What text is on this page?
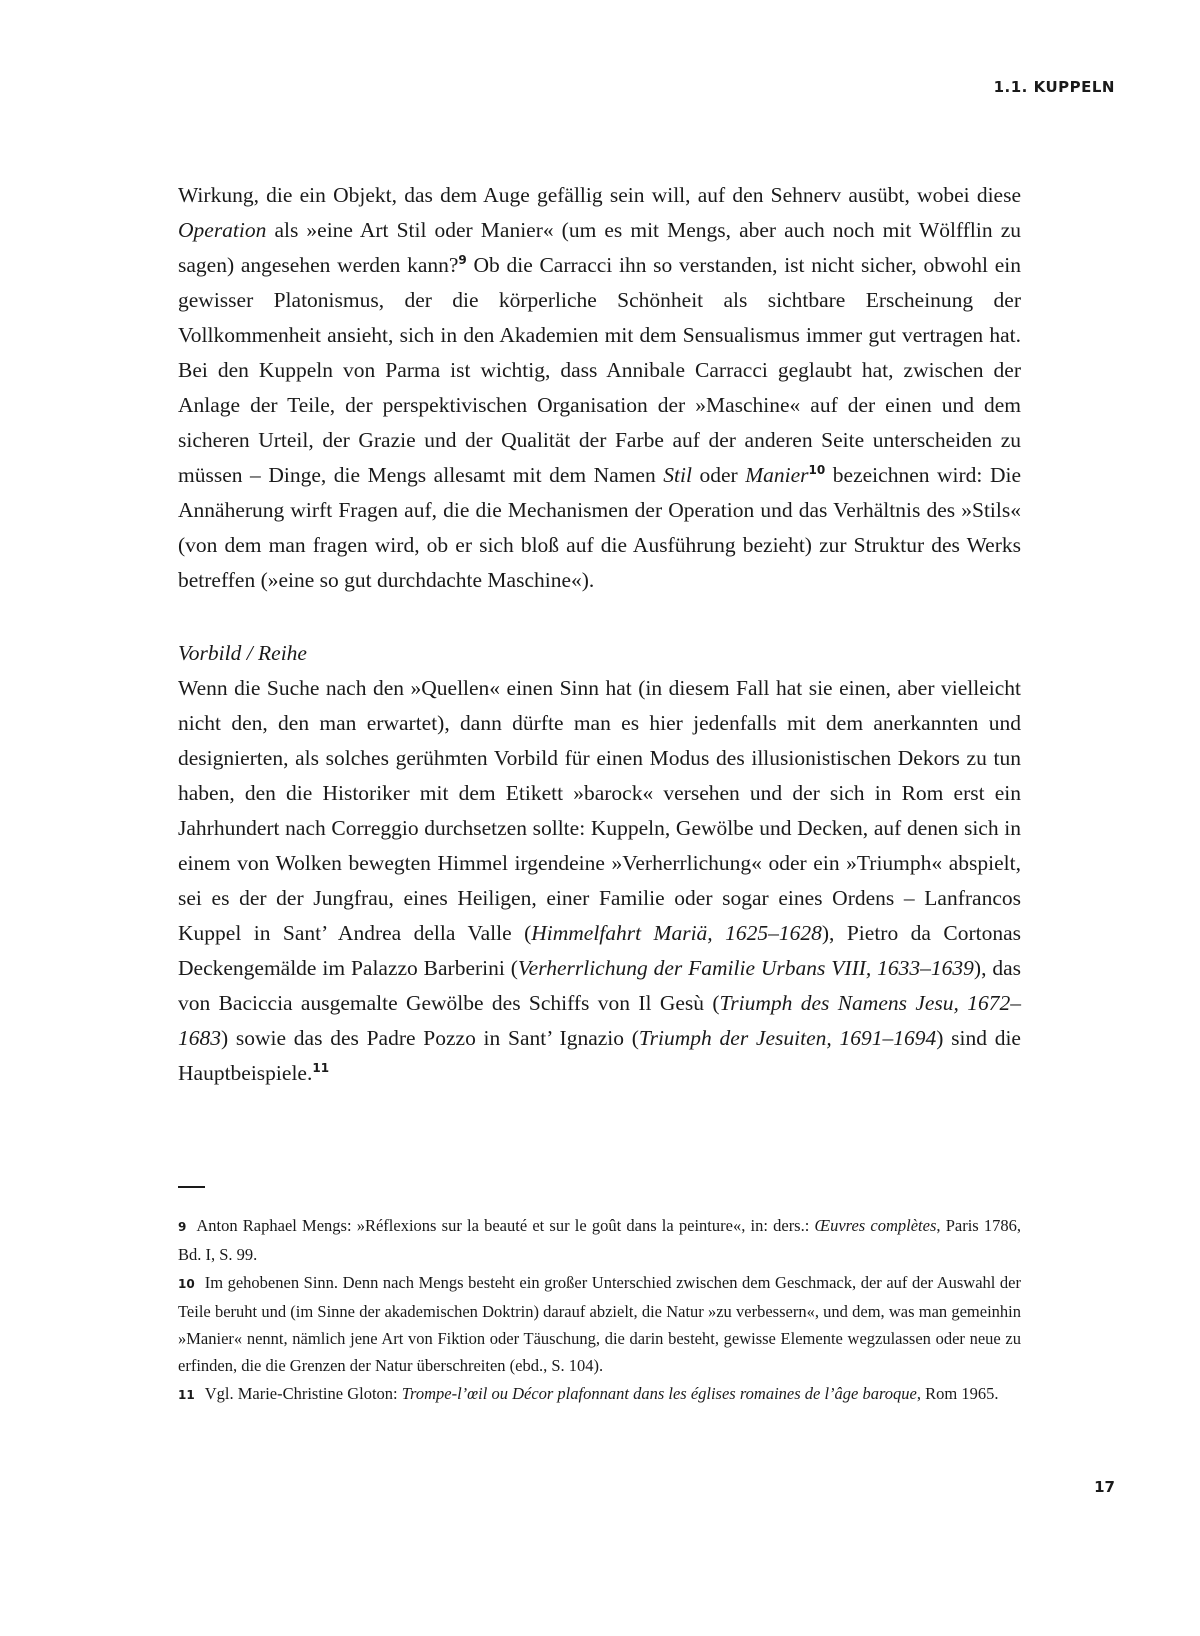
1.1. KUPPELN

Wirkung, die ein Objekt, das dem Auge gefällig sein will, auf den Sehnerv ausübt, wobei diese Operation als »eine Art Stil oder Manier« (um es mit Mengs, aber auch noch mit Wölfflin zu sagen) angesehen werden kann?$^9$ Ob die Carracci ihn so verstanden, ist nicht sicher, obwohl ein gewisser Platonismus, der die körperliche Schönheit als sichtbare Erscheinung der Vollkommenheit ansieht, sich in den Akademien mit dem Sensualismus immer gut vertragen hat. Bei den Kuppeln von Parma ist wichtig, dass Annibale Carracci geglaubt hat, zwischen der Anlage der Teile, der perspektivischen Organisation der »Maschine« auf der einen und dem sicheren Urteil, der Grazie und der Qualität der Farbe auf der anderen Seite unterscheiden zu müssen – Dinge, die Mengs allesamt mit dem Namen Stil oder Manier$^{10}$ bezeichnen wird: Die Annäherung wirft Fragen auf, die die Mechanismen der Operation und das Verhältnis des »Stils« (von dem man fragen wird, ob er sich bloß auf die Ausführung bezieht) zur Struktur des Werks betreffen (»eine so gut durchdachte Maschine«).

Vorbild / Reihe

Wenn die Suche nach den »Quellen« einen Sinn hat (in diesem Fall hat sie einen, aber vielleicht nicht den, den man erwartet), dann dürfte man es hier jedenfalls mit dem anerkannten und designierten, als solches gerühmten Vorbild für einen Modus des illusionistischen Dekors zu tun haben, den die Historiker mit dem Etikett »barock« versehen und der sich in Rom erst ein Jahrhundert nach Correggio durchsetzen sollte: Kuppeln, Gewölbe und Decken, auf denen sich in einem von Wolken bewegten Himmel irgendeine »Verherrlichung« oder ein »Triumph« abspielt, sei es der der Jungfrau, eines Heiligen, einer Familie oder sogar eines Ordens – Lanfrancos Kuppel in Sant’ Andrea della Valle (Himmelfahrt Mariä, 1625–1628), Pietro da Cortonas Deckengemälde im Palazzo Barberini (Verherrlichung der Familie Urbans VIII, 1633–1639), das von Baciccia ausgemalte Gewölbe des Schiffs von Il Gesù (Triumph des Namens Jesu, 1672–1683) sowie das des Padre Pozzo in Sant’ Ignazio (Triumph der Jesuiten, 1691–1694) sind die Hauptbeispiele.$^{11}$

9 Anton Raphael Mengs: »Réflexions sur la beauté et sur le goût dans la peinture«, in: ders.: Œuvres complètes, Paris 1786, Bd. I, S. 99.

10 Im gehobenen Sinn. Denn nach Mengs besteht ein großer Unterschied zwischen dem Geschmack, der auf der Auswahl der Teile beruht und (im Sinne der akademischen Doktrin) darauf abzielt, die Natur »zu verbessern«, und dem, was man gemeinhin »Manier« nennt, nämlich jene Art von Fiktion oder Täuschung, die darin besteht, gewisse Elemente wegzulassen oder neue zu erfinden, die die Grenzen der Natur überschreiten (ebd., S. 104).

11 Vgl. Marie-Christine Gloton: Trompe-l’œil ou Décor plafonnant dans les églises romaines de l’âge baroque, Rom 1965.

17
